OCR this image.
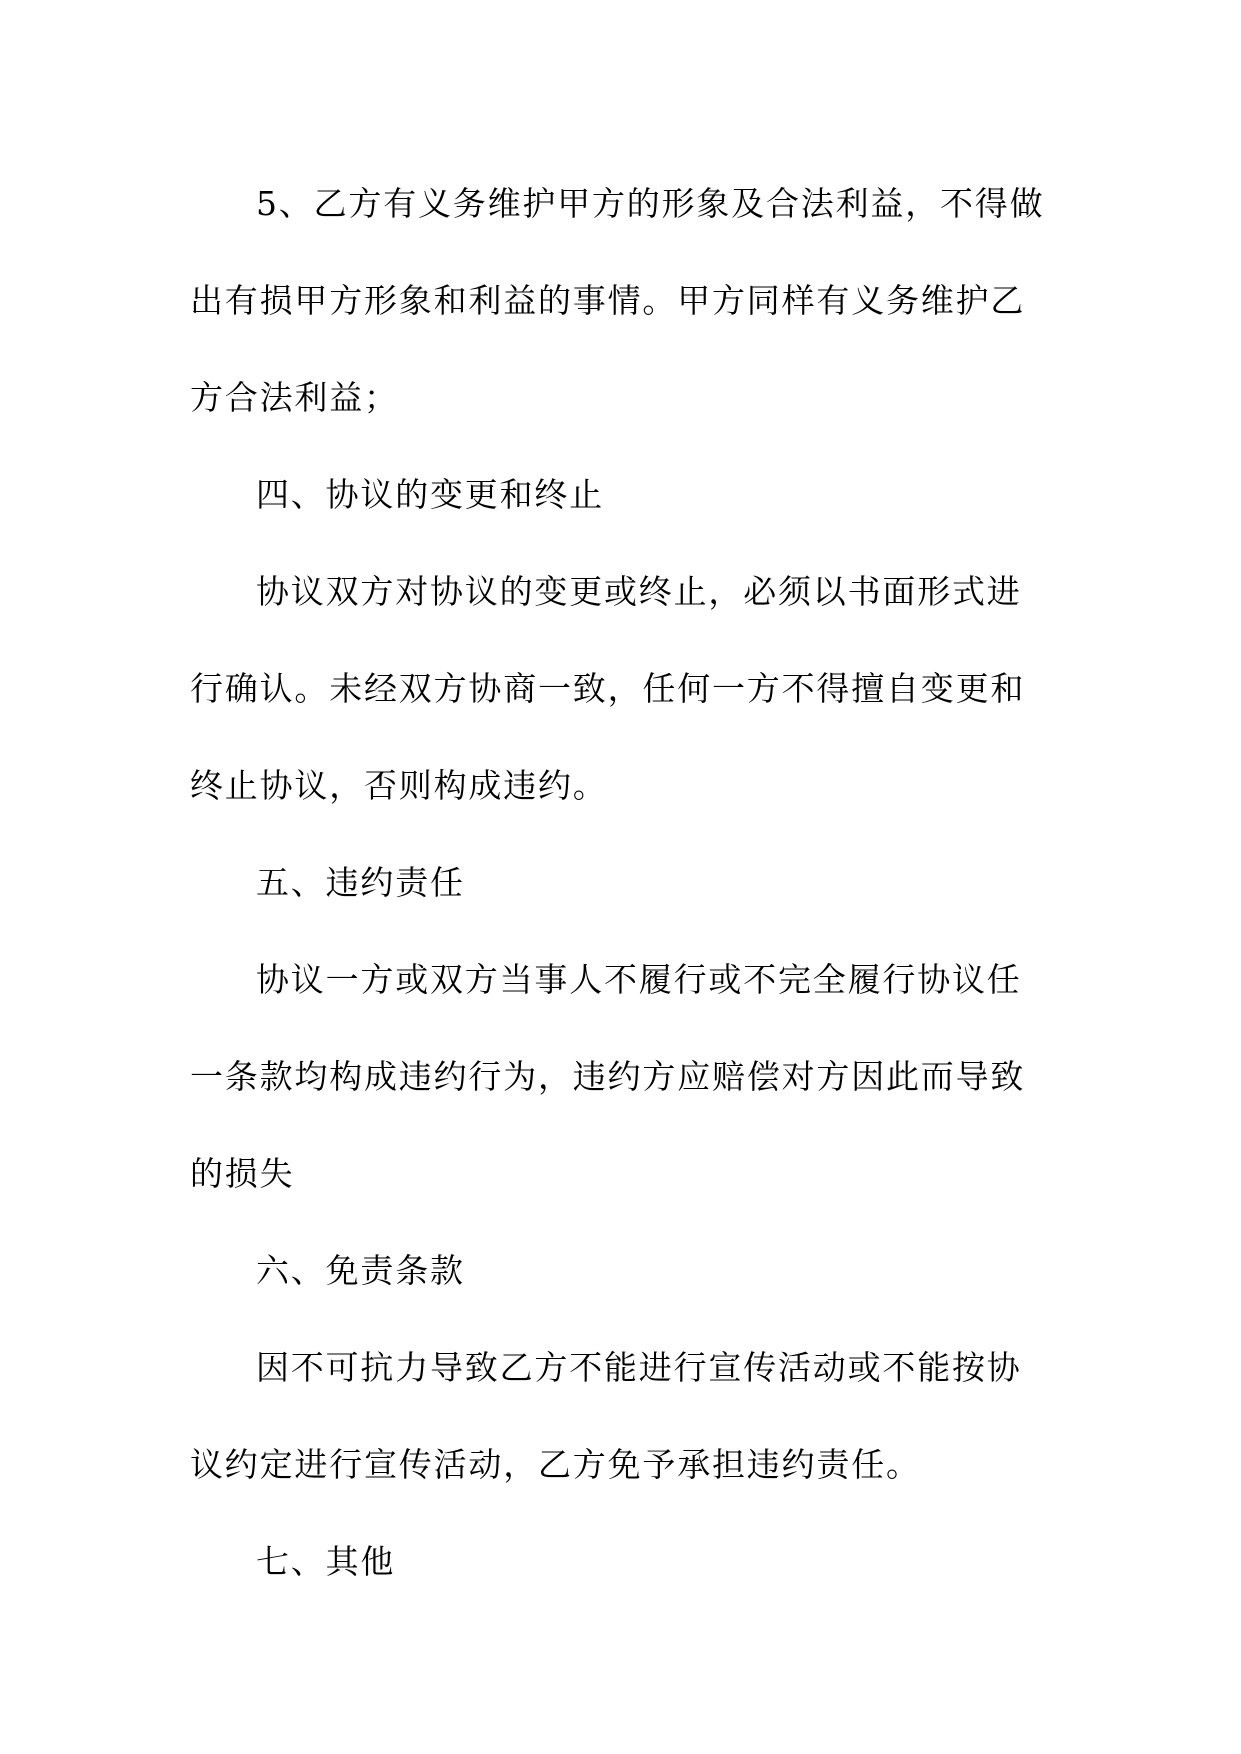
5、乙方有义务维护甲方的形象及合法利益，不得做出有损甲方形象和利益的事情。甲方同样有义务维护乙方合法利益；

四、协议的变更和终止

协议双方对协议的变更或终止，必须以书面形式进行确认。未经双方协商一致，任何一方不得擅自变更和终止协议，否则构成违约。

五、违约责任

协议一方或双方当事人不履行或不完全履行协议任一条款均构成违约行为，违约方应赔偿对方因此而导致的损失

六、免责条款

因不可抗力导致乙方不能进行宣传活动或不能按协议约定进行宣传活动，乙方免予承担违约责任。

七、其他
